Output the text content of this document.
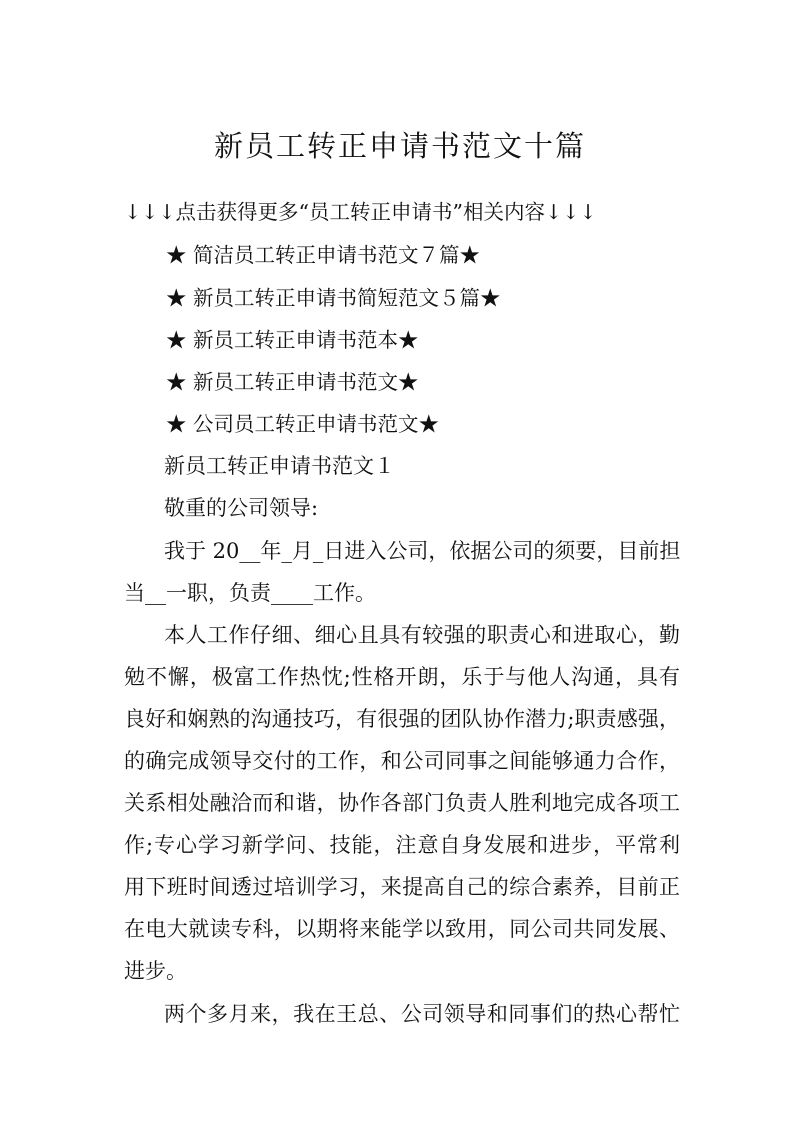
新员工转正申请书范文十篇
↓↓↓点击获得更多“员工转正申请书”相关内容↓↓↓
★ 简洁员工转正申请书范文７篇★
★ 新员工转正申请书简短范文５篇★
★ 新员工转正申请书范本★
★ 新员工转正申请书范文★
★ 公司员工转正申请书范文★
新员工转正申请书范文１
敬重的公司领导:
我于 20__年_月_日进入公司，依据公司的须要，目前担
当__一职，负责____工作。
本人工作仔细、细心且具有较强的职责心和进取心，勤
勉不懈，极富工作热忱;性格开朗，乐于与他人沟通，具有
良好和娴熟的沟通技巧，有很强的团队协作潜力;职责感强，
的确完成领导交付的工作，和公司同事之间能够通力合作，
关系相处融洽而和谐，协作各部门负责人胜利地完成各项工
作;专心学习新学问、技能，注意自身发展和进步，平常利
用下班时间透过培训学习，来提高自己的综合素养，目前正
在电大就读专科，以期将来能学以致用，同公司共同发展、
进步。
两个多月来，我在王总、公司领导和同事们的热心帮忙
